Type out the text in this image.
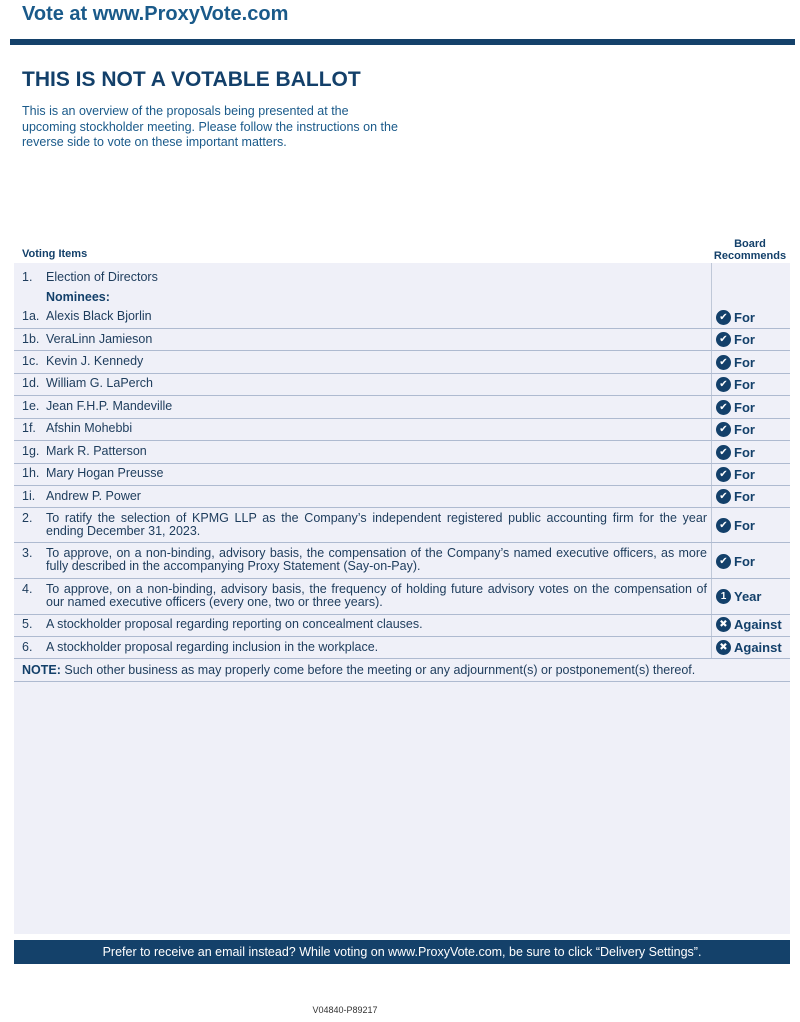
Vote at www.ProxyVote.com
THIS IS NOT A VOTABLE BALLOT
This is an overview of the proposals being presented at the upcoming stockholder meeting. Please follow the instructions on the reverse side to vote on these important matters.
Voting Items
Board Recommends
1. Election of Directors
Nominees:
1a. Alexis Black Bjorlin	✔ For
1b. VeraLinn Jamieson	✔ For
1c. Kevin J. Kennedy	✔ For
1d. William G. LaPerch	✔ For
1e. Jean F.H.P. Mandeville	✔ For
1f. Afshin Mohebbi	✔ For
1g. Mark R. Patterson	✔ For
1h. Mary Hogan Preusse	✔ For
1i. Andrew P. Power	✔ For
2. To ratify the selection of KPMG LLP as the Company’s independent registered public accounting firm for the year ending December 31, 2023.	✔ For
3. To approve, on a non-binding, advisory basis, the compensation of the Company’s named executive officers, as more fully described in the accompanying Proxy Statement (Say-on-Pay).	✔ For
4. To approve, on a non-binding, advisory basis, the frequency of holding future advisory votes on the compensation of our named executive officers (every one, two or three years).	1 Year
5. A stockholder proposal regarding reporting on concealment clauses.	✖ Against
6. A stockholder proposal regarding inclusion in the workplace.	✖ Against
NOTE: Such other business as may properly come before the meeting or any adjournment(s) or postponement(s) thereof.
Prefer to receive an email instead? While voting on www.ProxyVote.com, be sure to click “Delivery Settings”.
V04840-P89217
